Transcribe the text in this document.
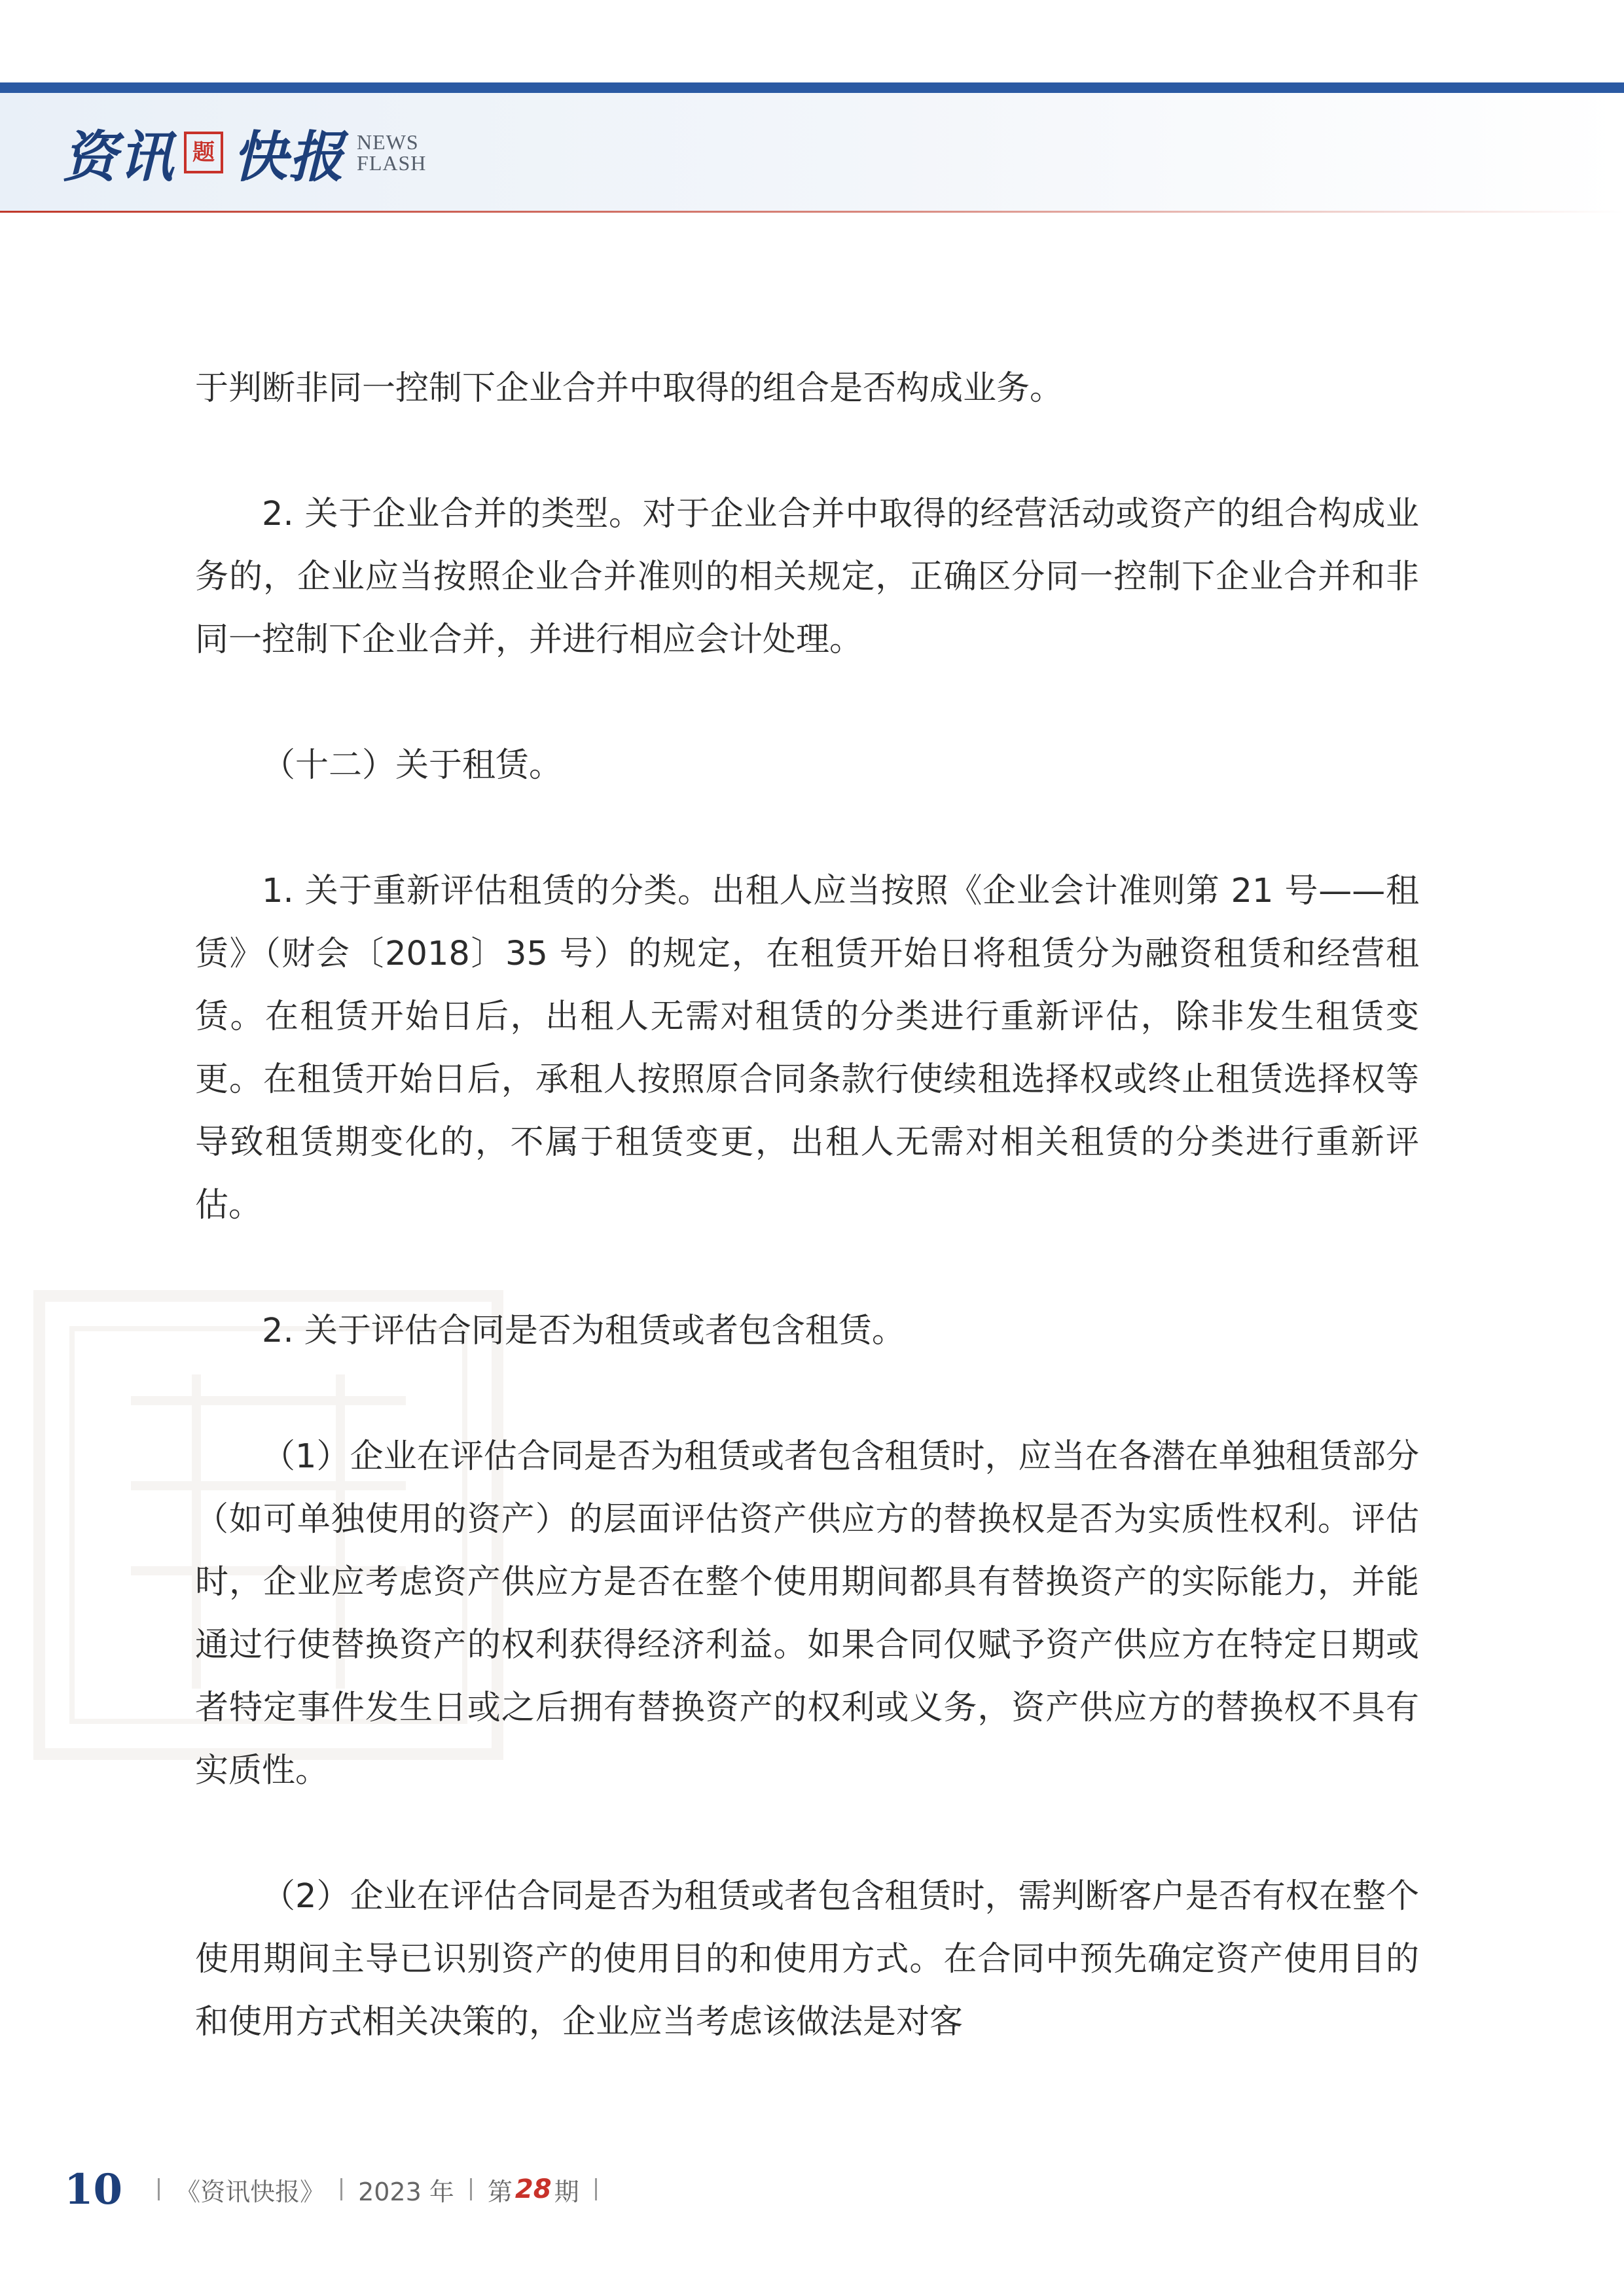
资讯 题 快报 NEWS
FLASH

于判断非同一控制下企业合并中取得的组合是否构成业务。

2. 关于企业合并的类型。对于企业合并中取得的经营活动或资产的组合构成业务的，企业应当按照企业合并准则的相关规定，正确区分同一控制下企业合并和非同一控制下企业合并，并进行相应会计处理。

（十二）关于租赁。

1. 关于重新评估租赁的分类。出租人应当按照《企业会计准则第 21 号——租赁》（财会〔2018〕35 号）的规定，在租赁开始日将租赁分为融资租赁和经营租赁。在租赁开始日后，出租人无需对租赁的分类进行重新评估，除非发生租赁变更。在租赁开始日后，承租人按照原合同条款行使续租选择权或终止租赁选择权等导致租赁期变化的，不属于租赁变更，出租人无需对相关租赁的分类进行重新评估。

2. 关于评估合同是否为租赁或者包含租赁。

（1）企业在评估合同是否为租赁或者包含租赁时，应当在各潜在单独租赁部分（如可单独使用的资产）的层面评估资产供应方的替换权是否为实质性权利。评估时，企业应考虑资产供应方是否在整个使用期间都具有替换资产的实际能力，并能通过行使替换资产的权利获得经济利益。如果合同仅赋予资产供应方在特定日期或者特定事件发生日或之后拥有替换资产的权利或义务，资产供应方的替换权不具有实质性。

（2）企业在评估合同是否为租赁或者包含租赁时，需判断客户是否有权在整个使用期间主导已识别资产的使用目的和使用方式。在合同中预先确定资产使用目的和使用方式相关决策的，企业应当考虑该做法是对客

10 《资讯快报》 2023 年 第 28 期
